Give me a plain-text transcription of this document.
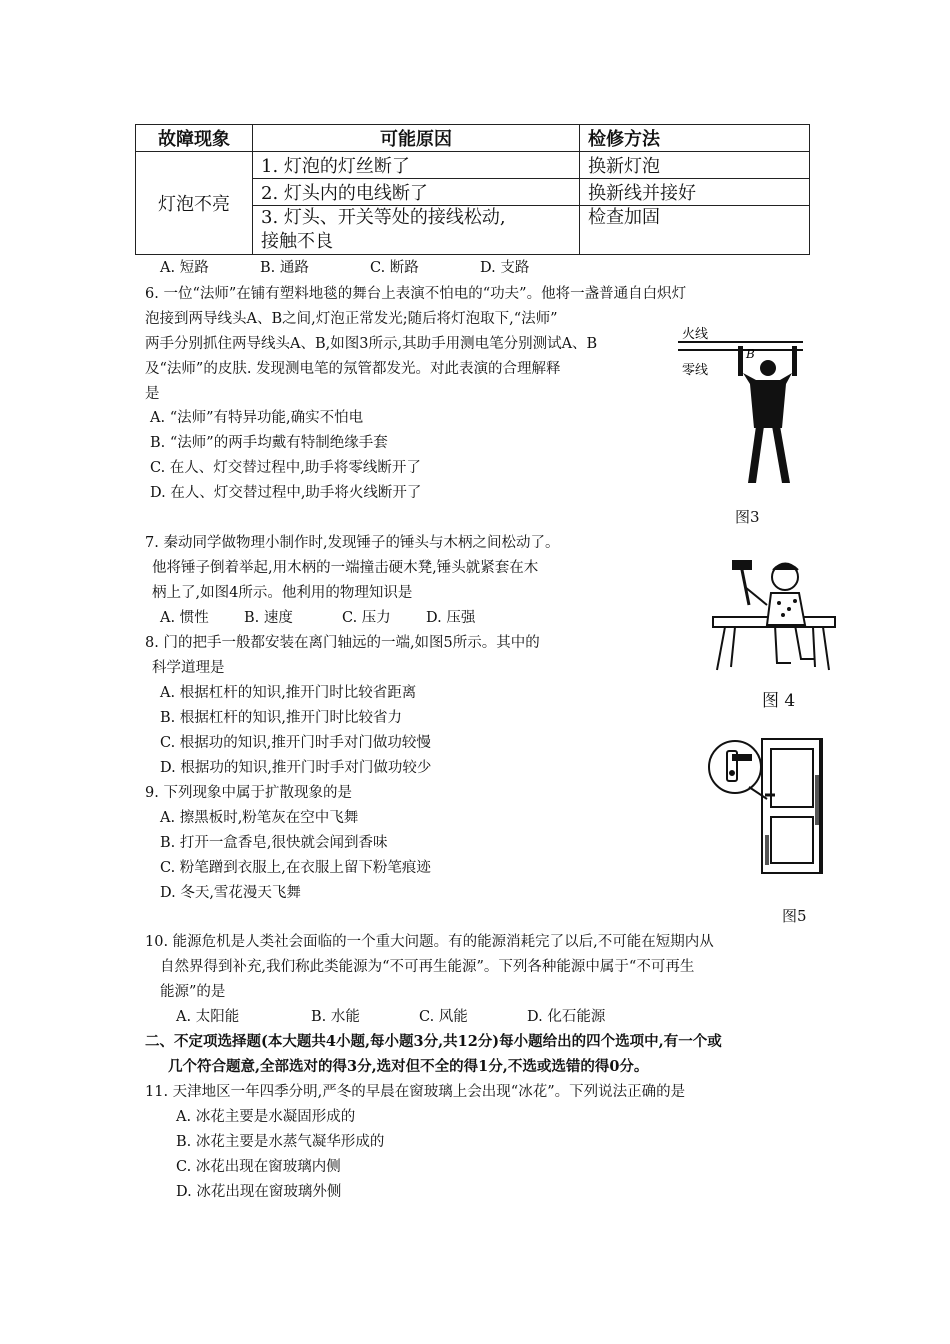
故障现象	可能原因	检修方法
灯泡不亮	1. 灯泡的灯丝断了	换新灯泡
	2. 灯头内的电线断了	换新线并接好
	3. 灯头、开关等处的接线松动,
接触不良	检查加固
A. 短路	B. 通路	C. 断路	D. 支路
6. 一位“法师”在铺有塑料地毯的舞台上表演不怕电的“功夫”。他将一盏普通自白炽灯
泡接到两导线头A、B之间,灯泡正常发光;随后将灯泡取下,“法师”
两手分别抓住两导线头A、B,如图3所示,其助手用测电笔分别测试A、B
及“法师”的皮肤. 发现测电笔的氖管都发光。对此表演的合理解释
是
A. “法师”有特异功能,确实不怕电
B. “法师”的两手均戴有特制绝缘手套
C. 在人、灯交替过程中,助手将零线断开了
D. 在人、灯交替过程中,助手将火线断开了
火线
零线
B
图3
7. 秦动同学做物理小制作时,发现锤子的锤头与木柄之间松动了。
他将锤子倒着举起,用木柄的一端撞击硬木凳,锤头就紧套在木
柄上了,如图4所示。他利用的物理知识是
A. 惯性 B. 速度	C. 压力 D. 压强
图 4
8. 门的把手一般都安装在离门轴远的一端,如图5所示。其中的
科学道理是
A. 根据杠杆的知识,推开门时比较省距离
B. 根据杠杆的知识,推开门时比较省力
C. 根据功的知识,推开门时手对门做功较慢
D. 根据功的知识,推开门时手对门做功较少
9. 下列现象中属于扩散现象的是
A. 擦黑板时,粉笔灰在空中飞舞
B. 打开一盒香皂,很快就会闻到香味
C. 粉笔蹭到衣服上,在衣服上留下粉笔痕迹
D. 冬天,雪花漫天飞舞
图5
10. 能源危机是人类社会面临的一个重大问题。有的能源消耗完了以后,不可能在短期内从
自然界得到补充,我们称此类能源为“不可再生能源”。下列各种能源中属于“不可再生
能源”的是
A. 太阳能	B. 水能	C. 风能	D. 化石能源
二、不定项选择题(本大题共4小题,每小题3分,共12分)每小题给出的四个选项中,有一个或
几个符合题意,全部选对的得3分,选对但不全的得1分,不选或选错的得0分。
11. 天津地区一年四季分明,严冬的早晨在窗玻璃上会出现“冰花”。下列说法正确的是
A. 冰花主要是水凝固形成的
B. 冰花主要是水蒸气凝华形成的
C. 冰花出现在窗玻璃内侧
D. 冰花出现在窗玻璃外侧
